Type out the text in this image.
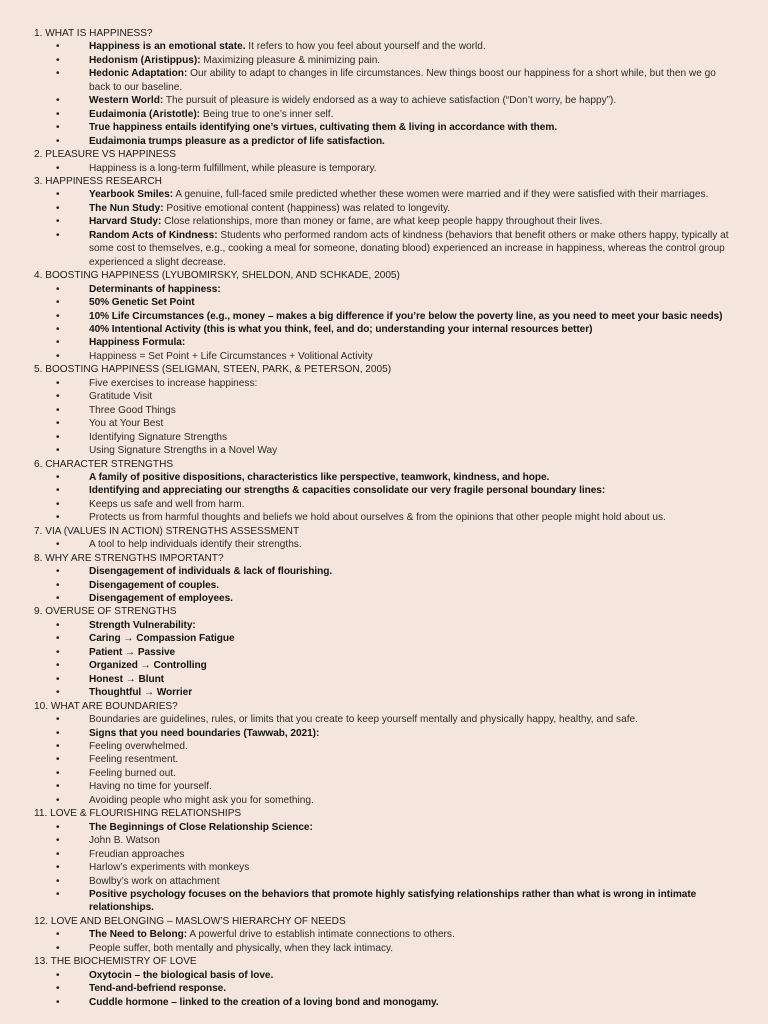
1. WHAT IS HAPPINESS?
•	Happiness is an emotional state. It refers to how you feel about yourself and the world.
•	Hedonism (Aristippus): Maximizing pleasure & minimizing pain.
•	Hedonic Adaptation: Our ability to adapt to changes in life circumstances. New things boost our happiness for a short while, but then we go back to our baseline.
•	Western World: The pursuit of pleasure is widely endorsed as a way to achieve satisfaction (“Don’t worry, be happy”).
•	Eudaimonia (Aristotle): Being true to one’s inner self.
•	True happiness entails identifying one’s virtues, cultivating them & living in accordance with them.
•	Eudaimonia trumps pleasure as a predictor of life satisfaction.
2. PLEASURE VS HAPPINESS
•	Happiness is a long-term fulfillment, while pleasure is temporary.
3. HAPPINESS RESEARCH
•	Yearbook Smiles: A genuine, full-faced smile predicted whether these women were married and if they were satisfied with their marriages.
•	The Nun Study: Positive emotional content (happiness) was related to longevity.
•	Harvard Study: Close relationships, more than money or fame, are what keep people happy throughout their lives.
•	Random Acts of Kindness: Students who performed random acts of kindness (behaviors that benefit others or make others happy, typically at some cost to themselves, e.g., cooking a meal for someone, donating blood) experienced an increase in happiness, whereas the control group experienced a slight decrease.
4. BOOSTING HAPPINESS (LYUBOMIRSKY, SHELDON, AND SCHKADE, 2005)
•	Determinants of happiness:
•	50% Genetic Set Point
•	10% Life Circumstances (e.g., money – makes a big difference if you’re below the poverty line, as you need to meet your basic needs)
•	40% Intentional Activity (this is what you think, feel, and do; understanding your internal resources better)
•	Happiness Formula:
•	Happiness = Set Point + Life Circumstances + Volitional Activity
5. BOOSTING HAPPINESS (SELIGMAN, STEEN, PARK, & PETERSON, 2005)
•	Five exercises to increase happiness:
•	Gratitude Visit
•	Three Good Things
•	You at Your Best
•	Identifying Signature Strengths
•	Using Signature Strengths in a Novel Way
6. CHARACTER STRENGTHS
•	A family of positive dispositions, characteristics like perspective, teamwork, kindness, and hope.
•	Identifying and appreciating our strengths & capacities consolidate our very fragile personal boundary lines:
•	Keeps us safe and well from harm.
•	Protects us from harmful thoughts and beliefs we hold about ourselves & from the opinions that other people might hold about us.
7. VIA (VALUES IN ACTION) STRENGTHS ASSESSMENT
•	A tool to help individuals identify their strengths.
8. WHY ARE STRENGTHS IMPORTANT?
•	Disengagement of individuals & lack of flourishing.
•	Disengagement of couples.
•	Disengagement of employees.
9. OVERUSE OF STRENGTHS
•	Strength Vulnerability:
•	Caring → Compassion Fatigue
•	Patient → Passive
•	Organized → Controlling
•	Honest → Blunt
•	Thoughtful → Worrier
10. WHAT ARE BOUNDARIES?
•	Boundaries are guidelines, rules, or limits that you create to keep yourself mentally and physically happy, healthy, and safe.
•	Signs that you need boundaries (Tawwab, 2021):
•	Feeling overwhelmed.
•	Feeling resentment.
•	Feeling burned out.
•	Having no time for yourself.
•	Avoiding people who might ask you for something.
11. LOVE & FLOURISHING RELATIONSHIPS
•	The Beginnings of Close Relationship Science:
•	John B. Watson
•	Freudian approaches
•	Harlow’s experiments with monkeys
•	Bowlby’s work on attachment
•	Positive psychology focuses on the behaviors that promote highly satisfying relationships rather than what is wrong in intimate relationships.
12. LOVE AND BELONGING – MASLOW’S HIERARCHY OF NEEDS
•	The Need to Belong: A powerful drive to establish intimate connections to others.
•	People suffer, both mentally and physically, when they lack intimacy.
13. THE BIOCHEMISTRY OF LOVE
•	Oxytocin – the biological basis of love.
•	Tend-and-befriend response.
•	Cuddle hormone – linked to the creation of a loving bond and monogamy.
